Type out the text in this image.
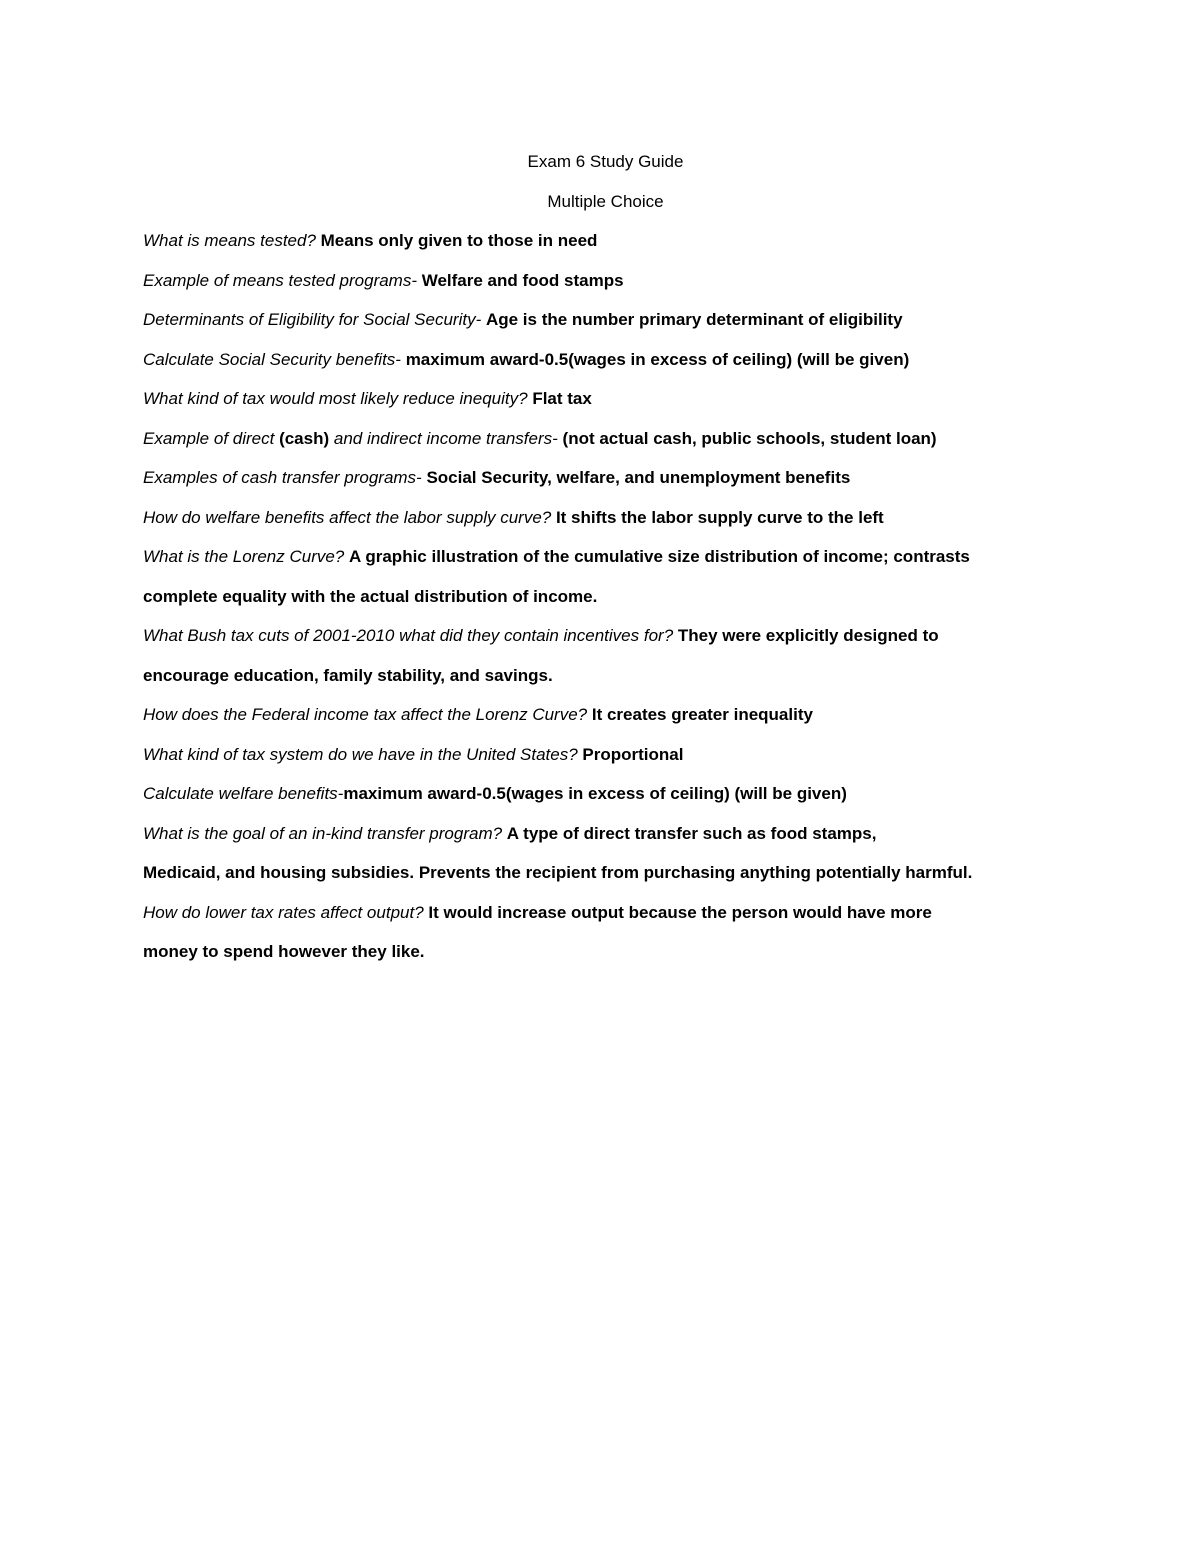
Exam 6 Study Guide
Multiple Choice
What is means tested? Means only given to those in need
Example of means tested programs- Welfare and food stamps
Determinants of Eligibility for Social Security- Age is the number primary determinant of eligibility
Calculate Social Security benefits- maximum award-0.5(wages in excess of ceiling) (will be given)
What kind of tax would most likely reduce inequity? Flat tax
Example of direct (cash) and indirect income transfers- (not actual cash, public schools, student loan)
Examples of cash transfer programs- Social Security, welfare, and unemployment benefits
How do welfare benefits affect the labor supply curve? It shifts the labor supply curve to the left
What is the Lorenz Curve? A graphic illustration of the cumulative size distribution of income; contrasts
complete equality with the actual distribution of income.
What Bush tax cuts of 2001-2010 what did they contain incentives for? They were explicitly designed to
encourage education, family stability, and savings.
How does the Federal income tax affect the Lorenz Curve? It creates greater inequality
What kind of tax system do we have in the United States? Proportional
Calculate welfare benefits-maximum award-0.5(wages in excess of ceiling) (will be given)
What is the goal of an in-kind transfer program? A type of direct transfer such as food stamps,
Medicaid, and housing subsidies. Prevents the recipient from purchasing anything potentially harmful.
How do lower tax rates affect output? It would increase output because the person would have more
money to spend however they like.
